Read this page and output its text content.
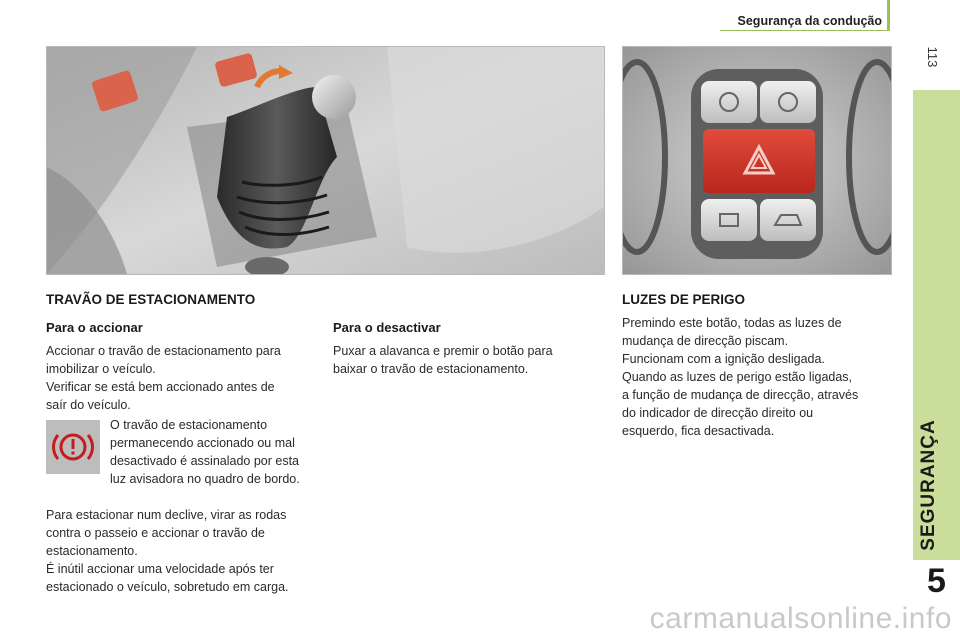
Segurança da condução
113
SEGURANÇA
5
TRAVÃO DE ESTACIONAMENTO
Para o accionar

Accionar o travão de estacionamento para

imobilizar o veículo.

Verificar se está bem accionado antes de

saír do veículo.

O travão de estacionamento

permanecendo accionado ou mal

desactivado é assinalado por esta

luz avisadora no quadro de bordo.

Para estacionar num declive, virar as rodas

contra o passeio e accionar o travão de

estacionamento.

É inútil accionar uma velocidade após ter

estacionado o veículo, sobretudo em carga.

Para o desactivar

Puxar a alavanca e premir o botão para

baixar o travão de estacionamento.

LUZES DE PERIGO

Premindo este botão, todas as luzes de

mudança de direcção piscam.

Funcionam com a ignição desligada.

Quando as luzes de perigo estão ligadas,

a função de mudança de direcção, através

do indicador de direcção direito ou

esquerdo, fica desactivada.

carmanualsonline.info
